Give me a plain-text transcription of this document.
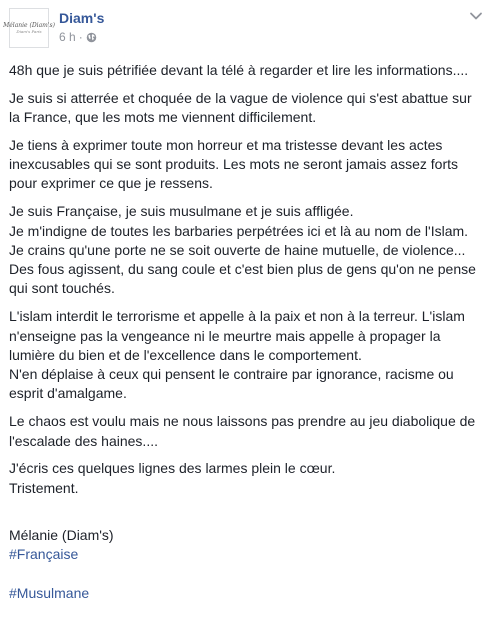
Mélanie (Diam's)
Diam's Paris
Diam's
6 h ·

48h que je suis pétrifiée devant la télé à regarder et lire les informations....

Je suis si atterrée et choquée de la vague de violence qui s'est abattue sur
la France, que les mots me viennent difficilement.

Je tiens à exprimer toute mon horreur et ma tristesse devant les actes
inexcusables qui se sont produits. Les mots ne seront jamais assez forts
pour exprimer ce que je ressens.

Je suis Française, je suis musulmane et je suis affligée.
Je m'indigne de toutes les barbaries perpétrées ici et là au nom de l'Islam.
Je crains qu'une porte ne se soit ouverte de haine mutuelle, de violence...
Des fous agissent, du sang coule et c'est bien plus de gens qu'on ne pense
qui sont touchés.

L'islam interdit le terrorisme et appelle à la paix et non à la terreur. L'islam
n'enseigne pas la vengeance ni le meurtre mais appelle à propager la
lumière du bien et de l'excellence dans le comportement.
N'en déplaise à ceux qui pensent le contraire par ignorance, racisme ou
esprit d'amalgame.

Le chaos est voulu mais ne nous laissons pas prendre au jeu diabolique de
l'escalade des haines....

J'écris ces quelques lignes des larmes plein le cœur.
Tristement.

Mélanie (Diam's)

#Française

#Musulmane
